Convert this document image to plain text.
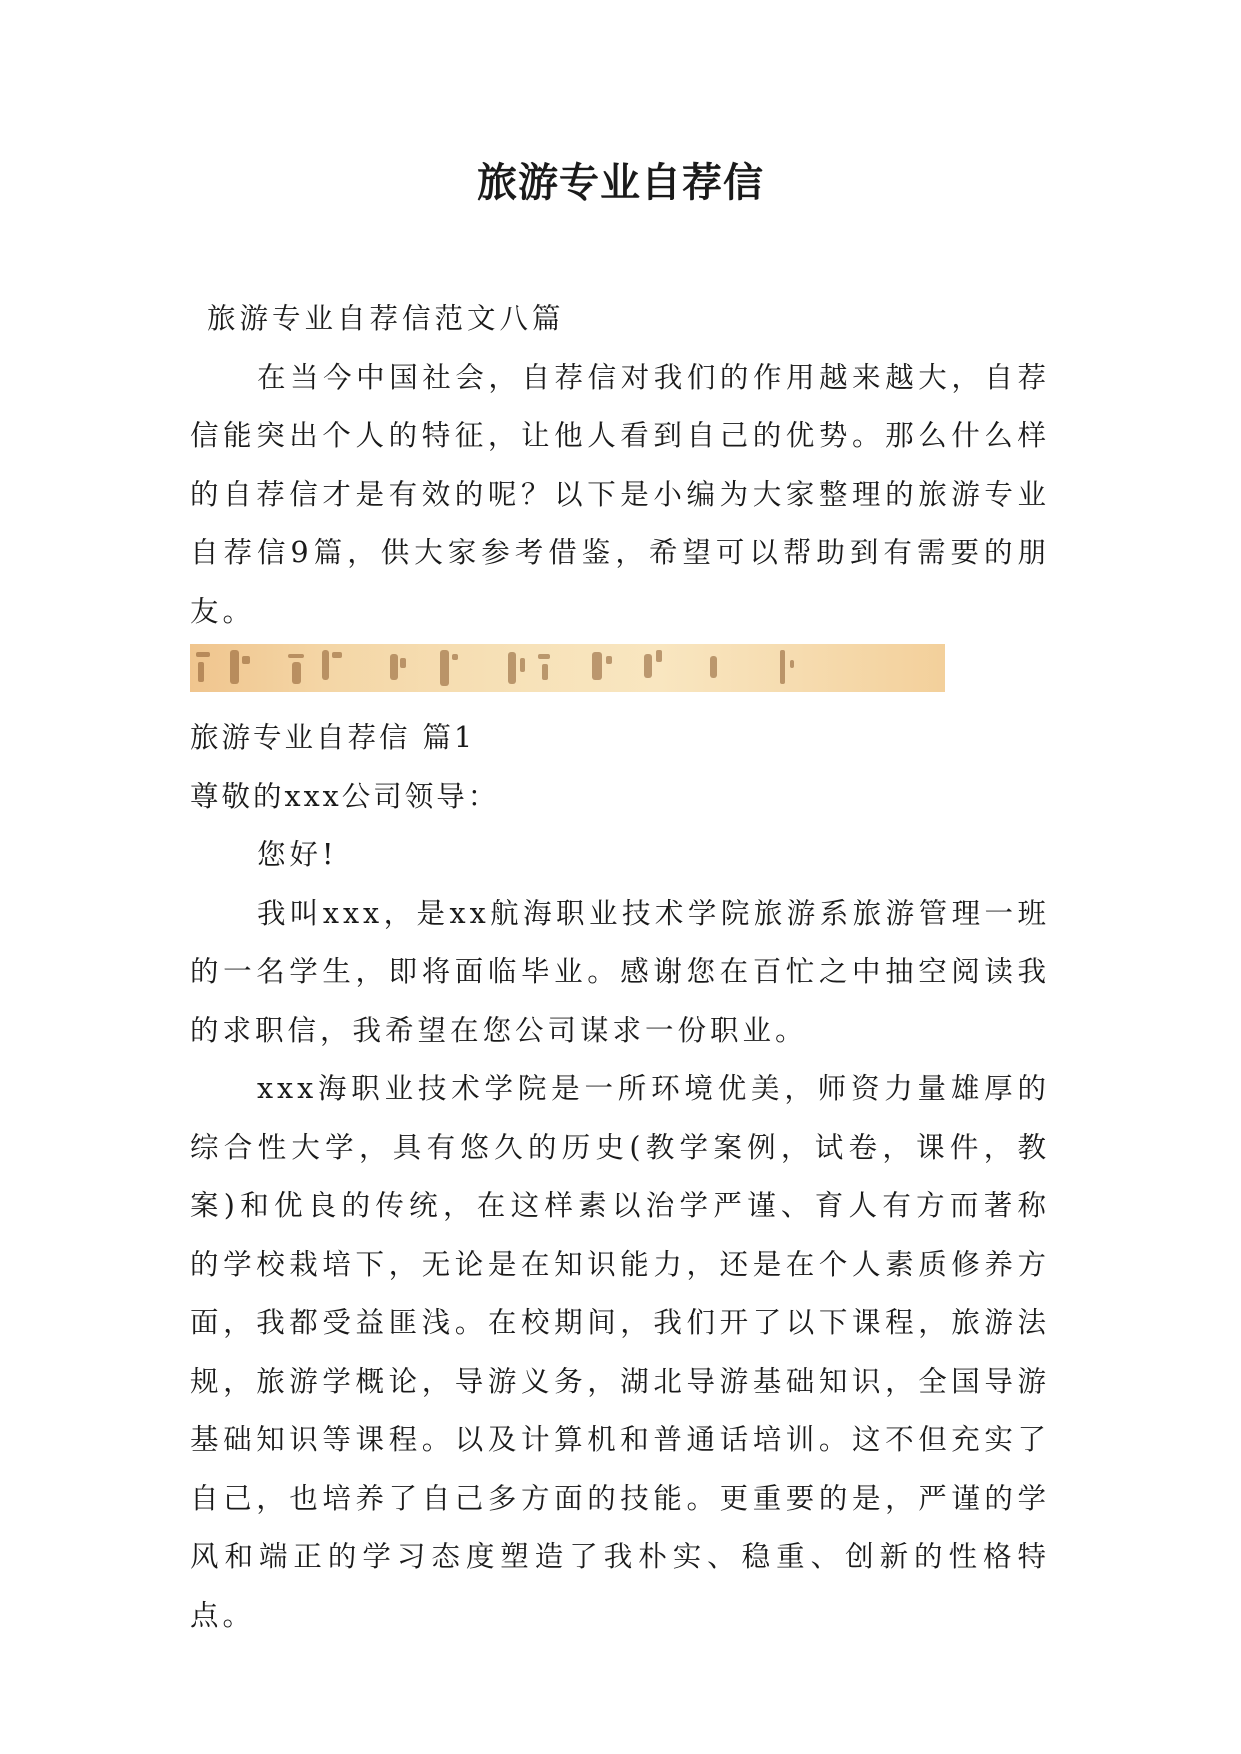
旅游专业自荐信

旅游专业自荐信范文八篇

在当今中国社会，自荐信对我们的作用越来越大，自荐信能突出个人的特征，让他人看到自己的优势。那么什么样的自荐信才是有效的呢？以下是小编为大家整理的旅游专业自荐信9篇，供大家参考借鉴，希望可以帮助到有需要的朋友。

旅游专业自荐信 篇1

尊敬的xxx公司领导：

您好!

我叫xxx，是xx航海职业技术学院旅游系旅游管理一班的一名学生，即将面临毕业。感谢您在百忙之中抽空阅读我的求职信，我希望在您公司谋求一份职业。

xxx海职业技术学院是一所环境优美，师资力量雄厚的综合性大学，具有悠久的历史(教学案例，试卷，课件，教案)和优良的传统，在这样素以治学严谨、育人有方而著称的学校栽培下，无论是在知识能力，还是在个人素质修养方面，我都受益匪浅。在校期间，我们开了以下课程，旅游法规，旅游学概论，导游义务，湖北导游基础知识，全国导游基础知识等课程。以及计算机和普通话培训。这不但充实了自己，也培养了自己多方面的技能。更重要的是，严谨的学风和端正的学习态度塑造了我朴实、稳重、创新的性格特点。
